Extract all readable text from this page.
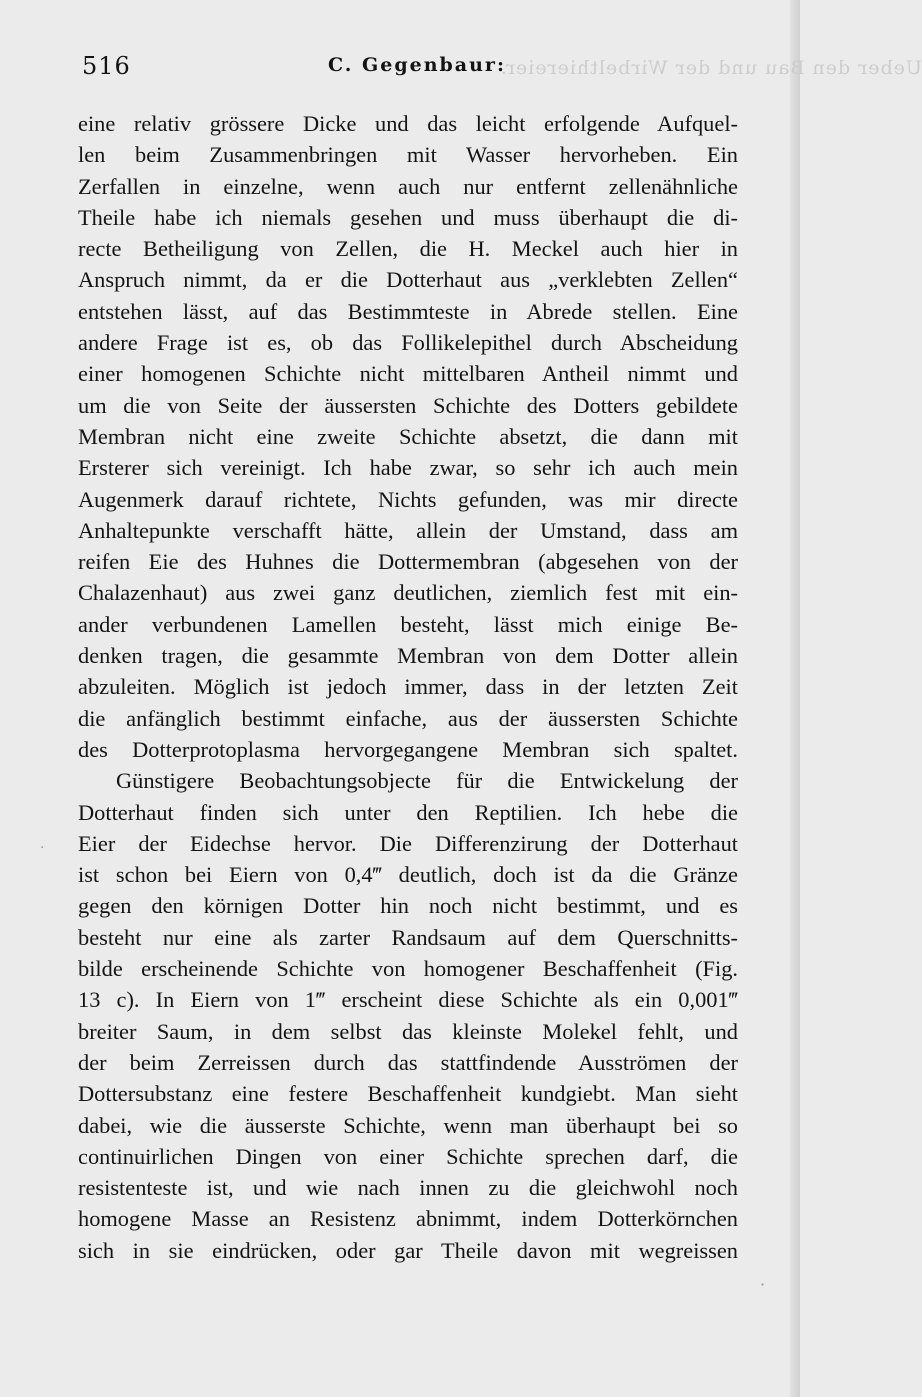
Ueber den Bau und der Wirbelthiereier.
516	C. Gegenbaur:
eine relativ grössere Dicke und das leicht erfolgende Aufquel-
len beim Zusammenbringen mit Wasser hervorheben. Ein
Zerfallen in einzelne, wenn auch nur entfernt zellenähnliche
Theile habe ich niemals gesehen und muss überhaupt die di-
recte Betheiligung von Zellen, die H. Meckel auch hier in
Anspruch nimmt, da er die Dotterhaut aus „verklebten Zellen“
entstehen lässt, auf das Bestimmteste in Abrede stellen. Eine
andere Frage ist es, ob das Follikelepithel durch Abscheidung
einer homogenen Schichte nicht mittelbaren Antheil nimmt und
um die von Seite der äussersten Schichte des Dotters gebildete
Membran nicht eine zweite Schichte absetzt, die dann mit
Ersterer sich vereinigt. Ich habe zwar, so sehr ich auch mein
Augenmerk darauf richtete, Nichts gefunden, was mir directe
Anhaltepunkte verschafft hätte, allein der Umstand, dass am
reifen Eie des Huhnes die Dottermembran (abgesehen von der
Chalazenhaut) aus zwei ganz deutlichen, ziemlich fest mit ein-
ander verbundenen Lamellen besteht, lässt mich einige Be-
denken tragen, die gesammte Membran von dem Dotter allein
abzuleiten. Möglich ist jedoch immer, dass in der letzten Zeit
die anfänglich bestimmt einfache, aus der äussersten Schichte
des Dotterprotoplasma hervorgegangene Membran sich spaltet.
Günstigere Beobachtungsobjecte für die Entwickelung der
Dotterhaut finden sich unter den Reptilien. Ich hebe die
Eier der Eidechse hervor. Die Differenzirung der Dotterhaut
ist schon bei Eiern von 0,4‴ deutlich, doch ist da die Gränze
gegen den körnigen Dotter hin noch nicht bestimmt, und es
besteht nur eine als zarter Randsaum auf dem Querschnitts-
bilde erscheinende Schichte von homogener Beschaffenheit (Fig.
13 c). In Eiern von 1‴ erscheint diese Schichte als ein 0,001‴
breiter Saum, in dem selbst das kleinste Molekel fehlt, und
der beim Zerreissen durch das stattfindende Ausströmen der
Dottersubstanz eine festere Beschaffenheit kundgiebt. Man sieht
dabei, wie die äusserste Schichte, wenn man überhaupt bei so
continuirlichen Dingen von einer Schichte sprechen darf, die
resistenteste ist, und wie nach innen zu die gleichwohl noch
homogene Masse an Resistenz abnimmt, indem Dotterkörnchen
sich in sie eindrücken, oder gar Theile davon mit wegreissen
·
·
